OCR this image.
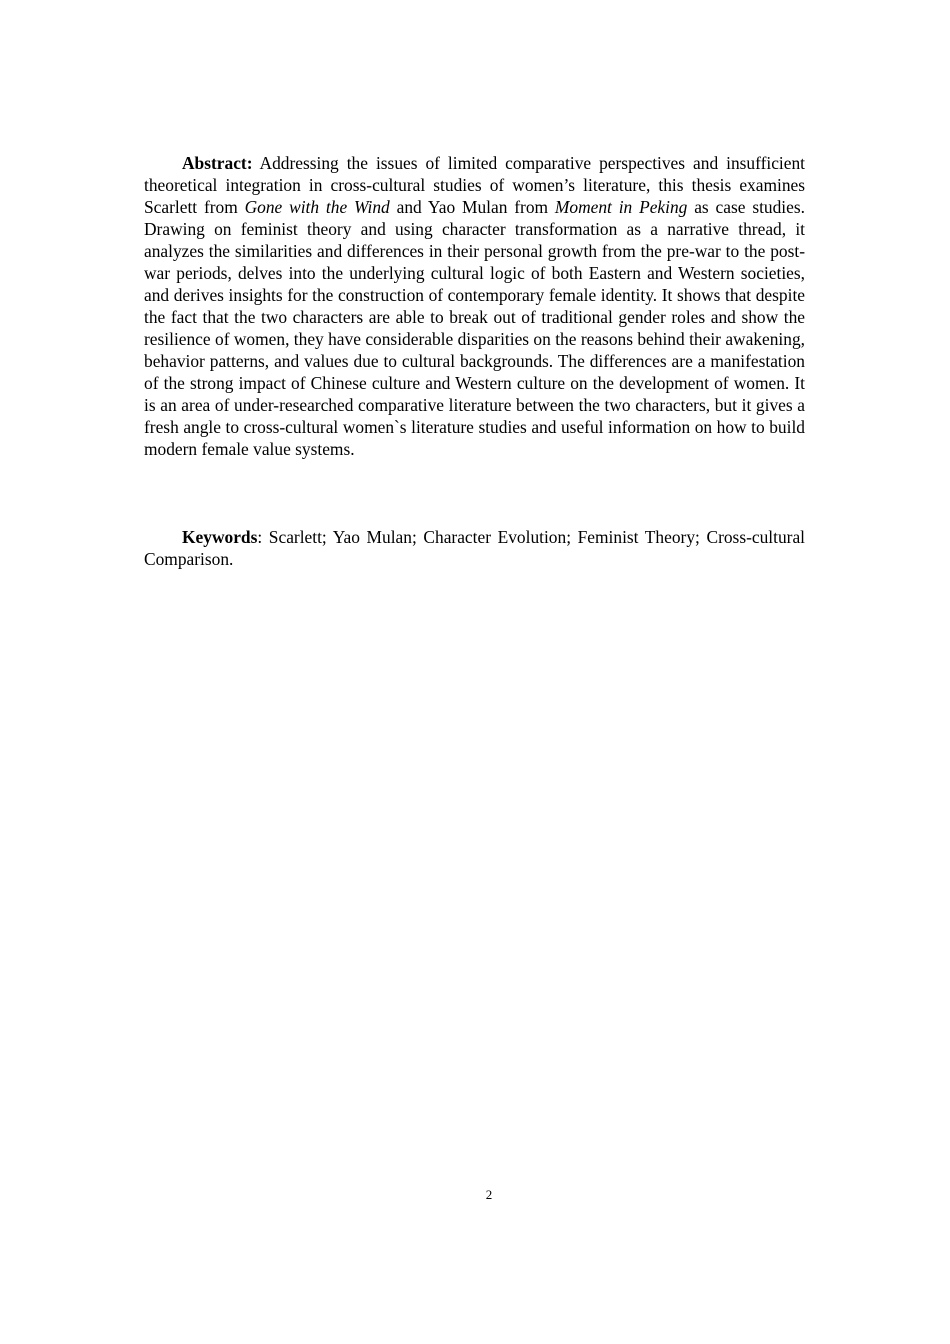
Abstract: Addressing the issues of limited comparative perspectives and insufficient theoretical integration in cross-cultural studies of women’s literature, this thesis examines Scarlett from Gone with the Wind and Yao Mulan from Moment in Peking as case studies. Drawing on feminist theory and using character transformation as a narrative thread, it analyzes the similarities and differences in their personal growth from the pre-war to the post-war periods, delves into the underlying cultural logic of both Eastern and Western societies, and derives insights for the construction of contemporary female identity. It shows that despite the fact that the two characters are able to break out of traditional gender roles and show the resilience of women, they have considerable disparities on the reasons behind their awakening, behavior patterns, and values due to cultural backgrounds. The differences are a manifestation of the strong impact of Chinese culture and Western culture on the development of women. It is an area of under-researched comparative literature between the two characters, but it gives a fresh angle to cross-cultural women`s literature studies and useful information on how to build modern female value systems.

Keywords: Scarlett; Yao Mulan; Character Evolution; Feminist Theory; Cross-cultural Comparison.

2
